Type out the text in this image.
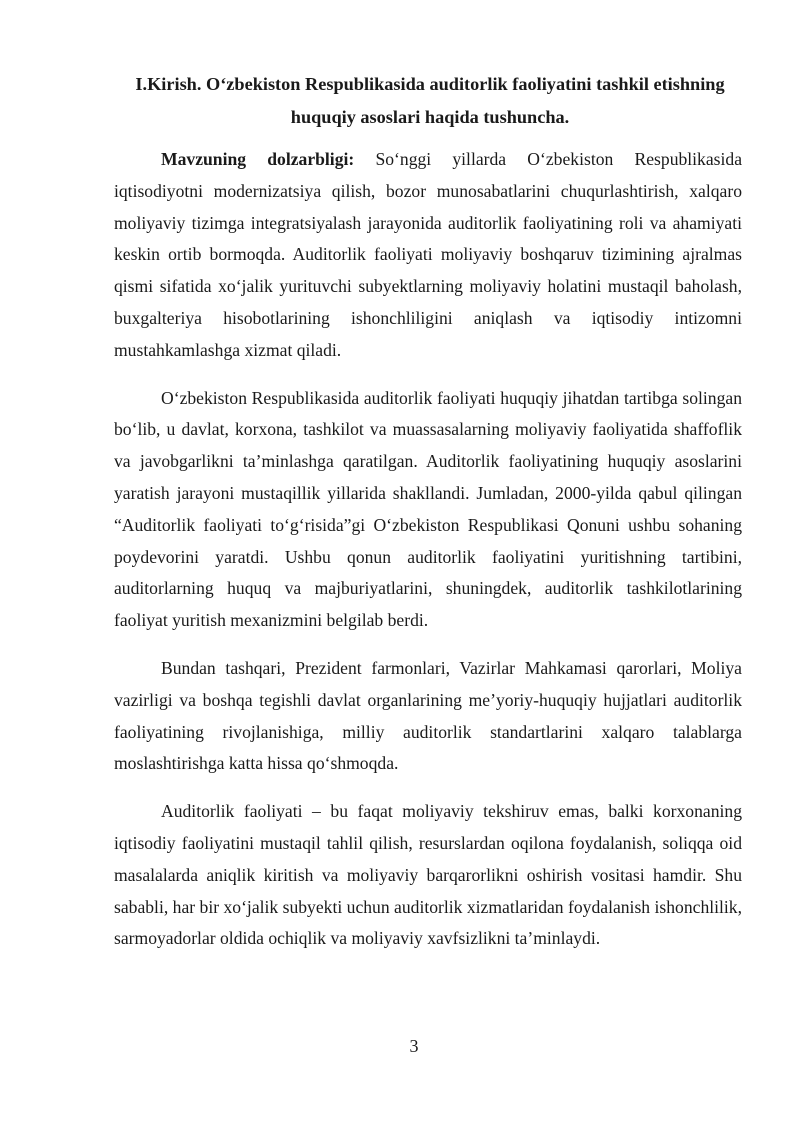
I.Kirish. O‘zbekiston Respublikasida auditorlik faoliyatini tashkil etishning
huquqiy asoslari haqida tushuncha.

Mavzuning dolzarbligi: So‘nggi yillarda O‘zbekiston Respublikasida iqtisodiyotni modernizatsiya qilish, bozor munosabatlarini chuqurlashtirish, xalqaro moliyaviy tizimga integratsiyalash jarayonida auditorlik faoliyatining roli va ahamiyati keskin ortib bormoqda. Auditorlik faoliyati moliyaviy boshqaruv tizimining ajralmas qismi sifatida xo‘jalik yurituvchi subyektlarning moliyaviy holatini mustaqil baholash, buxgalteriya hisobotlarining ishonchliligini aniqlash va iqtisodiy intizomni mustahkamlashga xizmat qiladi.

O‘zbekiston Respublikasida auditorlik faoliyati huquqiy jihatdan tartibga solingan bo‘lib, u davlat, korxona, tashkilot va muassasalarning moliyaviy faoliyatida shaffoflik va javobgarlikni ta’minlashga qaratilgan. Auditorlik faoliyatining huquqiy asoslarini yaratish jarayoni mustaqillik yillarida shakllandi. Jumladan, 2000-yilda qabul qilingan “Auditorlik faoliyati to‘g‘risida”gi O‘zbekiston Respublikasi Qonuni ushbu sohaning poydevorini yaratdi. Ushbu qonun auditorlik faoliyatini yuritishning tartibini, auditorlarning huquq va majburiyatlarini, shuningdek, auditorlik tashkilotlarining faoliyat yuritish mexanizmini belgilab berdi.

Bundan tashqari, Prezident farmonlari, Vazirlar Mahkamasi qarorlari, Moliya vazirligi va boshqa tegishli davlat organlarining me’yoriy-huquqiy hujjatlari auditorlik faoliyatining rivojlanishiga, milliy auditorlik standartlarini xalqaro talablarga moslashtirishga katta hissa qo‘shmoqda.

Auditorlik faoliyati – bu faqat moliyaviy tekshiruv emas, balki korxonaning iqtisodiy faoliyatini mustaqil tahlil qilish, resurslardan oqilona foydalanish, soliqqa oid masalalarda aniqlik kiritish va moliyaviy barqarorlikni oshirish vositasi hamdir. Shu sababli, har bir xo‘jalik subyekti uchun auditorlik xizmatlaridan foydalanish ishonchlilik, sarmoyadorlar oldida ochiqlik va moliyaviy xavfsizlikni ta’minlaydi.

3
